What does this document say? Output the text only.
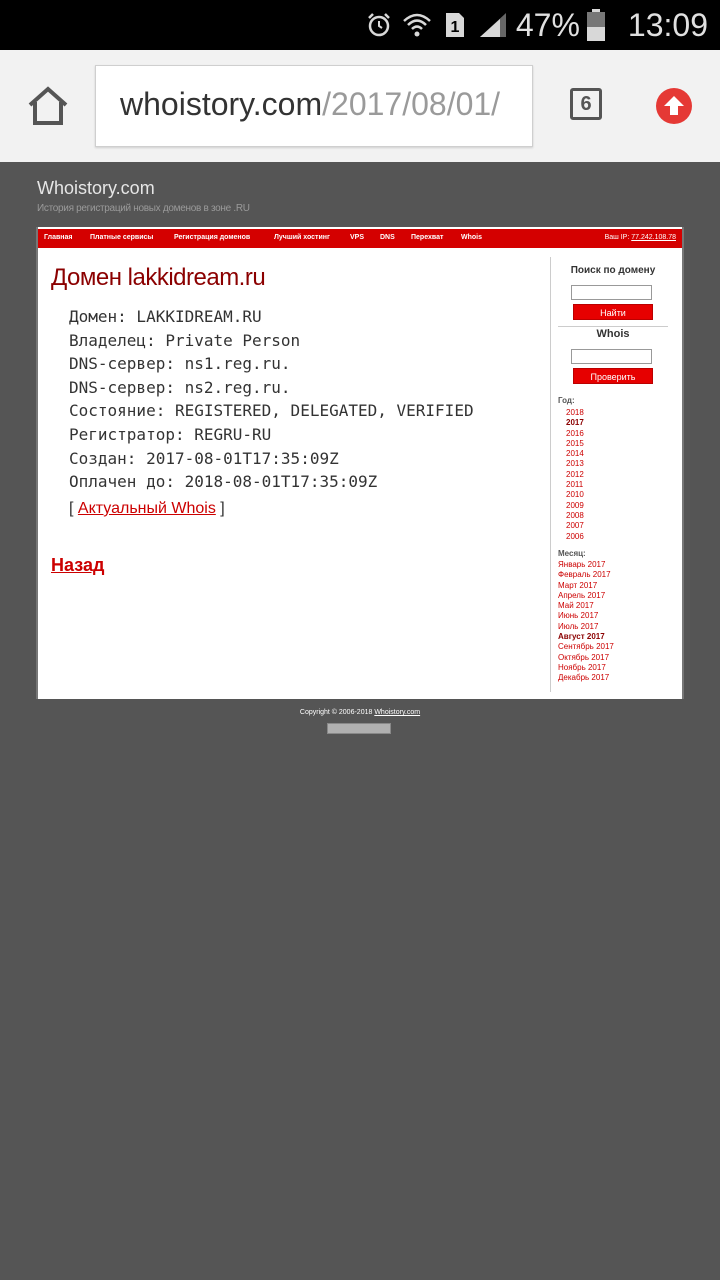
1 47% 13:09
whoistory.com/2017/08/01/	6
Whoistory.com
История регистраций новых доменов в зоне .RU
Главная	Платные сервисы	Регистрация доменов	Лучший хостинг	VPS DNS Перехват	Whois	Ваш IP: 77.242.108.78
Домен lakkidream.ru
Домен: LAKKIDREAM.RU
Владелец: Private Person
DNS-сервер: ns1.reg.ru.
DNS-сервер: ns2.reg.ru.
Состояние: REGISTERED, DELEGATED, VERIFIED
Регистратор: REGRU-RU
Создан: 2017-08-01T17:35:09Z
Оплачен до: 2018-08-01T17:35:09Z
[ Актуальный Whois ]
Назад
Поиск по домену
Найти
Whois
Проверить
Год:
2018
2017
2016
2015
2014
2013
2012
2011
2010
2009
2008
2007
2006
Месяц:
Январь 2017
Февраль 2017
Март 2017
Апрель 2017
Май 2017
Июнь 2017
Июль 2017
Август 2017
Сентябрь 2017
Октябрь 2017
Ноябрь 2017
Декабрь 2017
Copyright © 2006-2018 Whoistory.com
